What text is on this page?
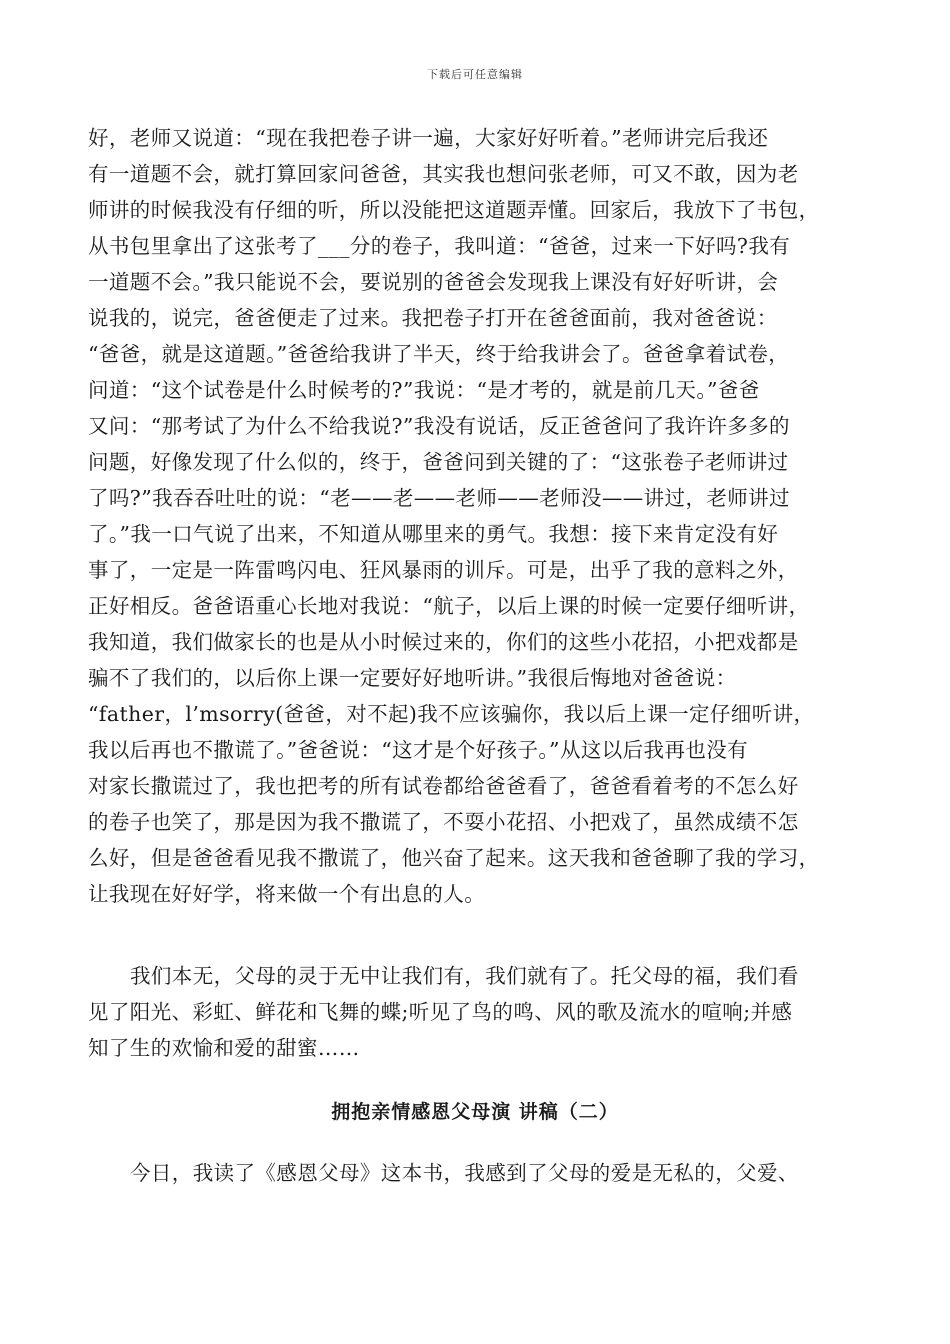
下载后可任意编辑
好，老师又说道：“现在我把卷子讲一遍，大家好好听着。”老师讲完后我还
有一道题不会，就打算回家问爸爸，其实我也想问张老师，可又不敢，因为老
师讲的时候我没有仔细的听，所以没能把这道题弄懂。回家后，我放下了书包，
从书包里拿出了这张考了___分的卷子，我叫道：“爸爸，过来一下好吗?我有
一道题不会。”我只能说不会，要说别的爸爸会发现我上课没有好好听讲，会
说我的，说完，爸爸便走了过来。我把卷子打开在爸爸面前，我对爸爸说：
“爸爸，就是这道题。”爸爸给我讲了半天，终于给我讲会了。爸爸拿着试卷，
问道：“这个试卷是什么时候考的?”我说：“是才考的，就是前几天。”爸爸
又问：“那考试了为什么不给我说?”我没有说话，反正爸爸问了我许许多多的
问题，好像发现了什么似的，终于，爸爸问到关键的了：“这张卷子老师讲过
了吗?”我吞吞吐吐的说：“老——老——老师——老师没——讲过，老师讲过
了。”我一口气说了出来，不知道从哪里来的勇气。我想：接下来肯定没有好
事了，一定是一阵雷鸣闪电、狂风暴雨的训斥。可是，出乎了我的意料之外，
正好相反。爸爸语重心长地对我说：“航子，以后上课的时候一定要仔细听讲，
我知道，我们做家长的也是从小时候过来的，你们的这些小花招，小把戏都是
骗不了我们的，以后你上课一定要好好地听讲。”我很后悔地对爸爸说：
“father，l’msorry(爸爸，对不起)我不应该骗你，我以后上课一定仔细听讲，
我以后再也不撒谎了。”爸爸说：“这才是个好孩子。”从这以后我再也没有
对家长撒谎过了，我也把考的所有试卷都给爸爸看了，爸爸看着考的不怎么好
的卷子也笑了，那是因为我不撒谎了，不耍小花招、小把戏了，虽然成绩不怎
么好，但是爸爸看见我不撒谎了，他兴奋了起来。这天我和爸爸聊了我的学习，
让我现在好好学，将来做一个有出息的人。
我们本无，父母的灵于无中让我们有，我们就有了。托父母的福，我们看
见了阳光、彩虹、鲜花和飞舞的蝶;听见了鸟的鸣、风的歌及流水的喧响;并感
知了生的欢愉和爱的甜蜜……
拥抱亲情感恩父母演 讲稿（二）
今日，我读了《感恩父母》这本书，我感到了父母的爱是无私的，父爱、
